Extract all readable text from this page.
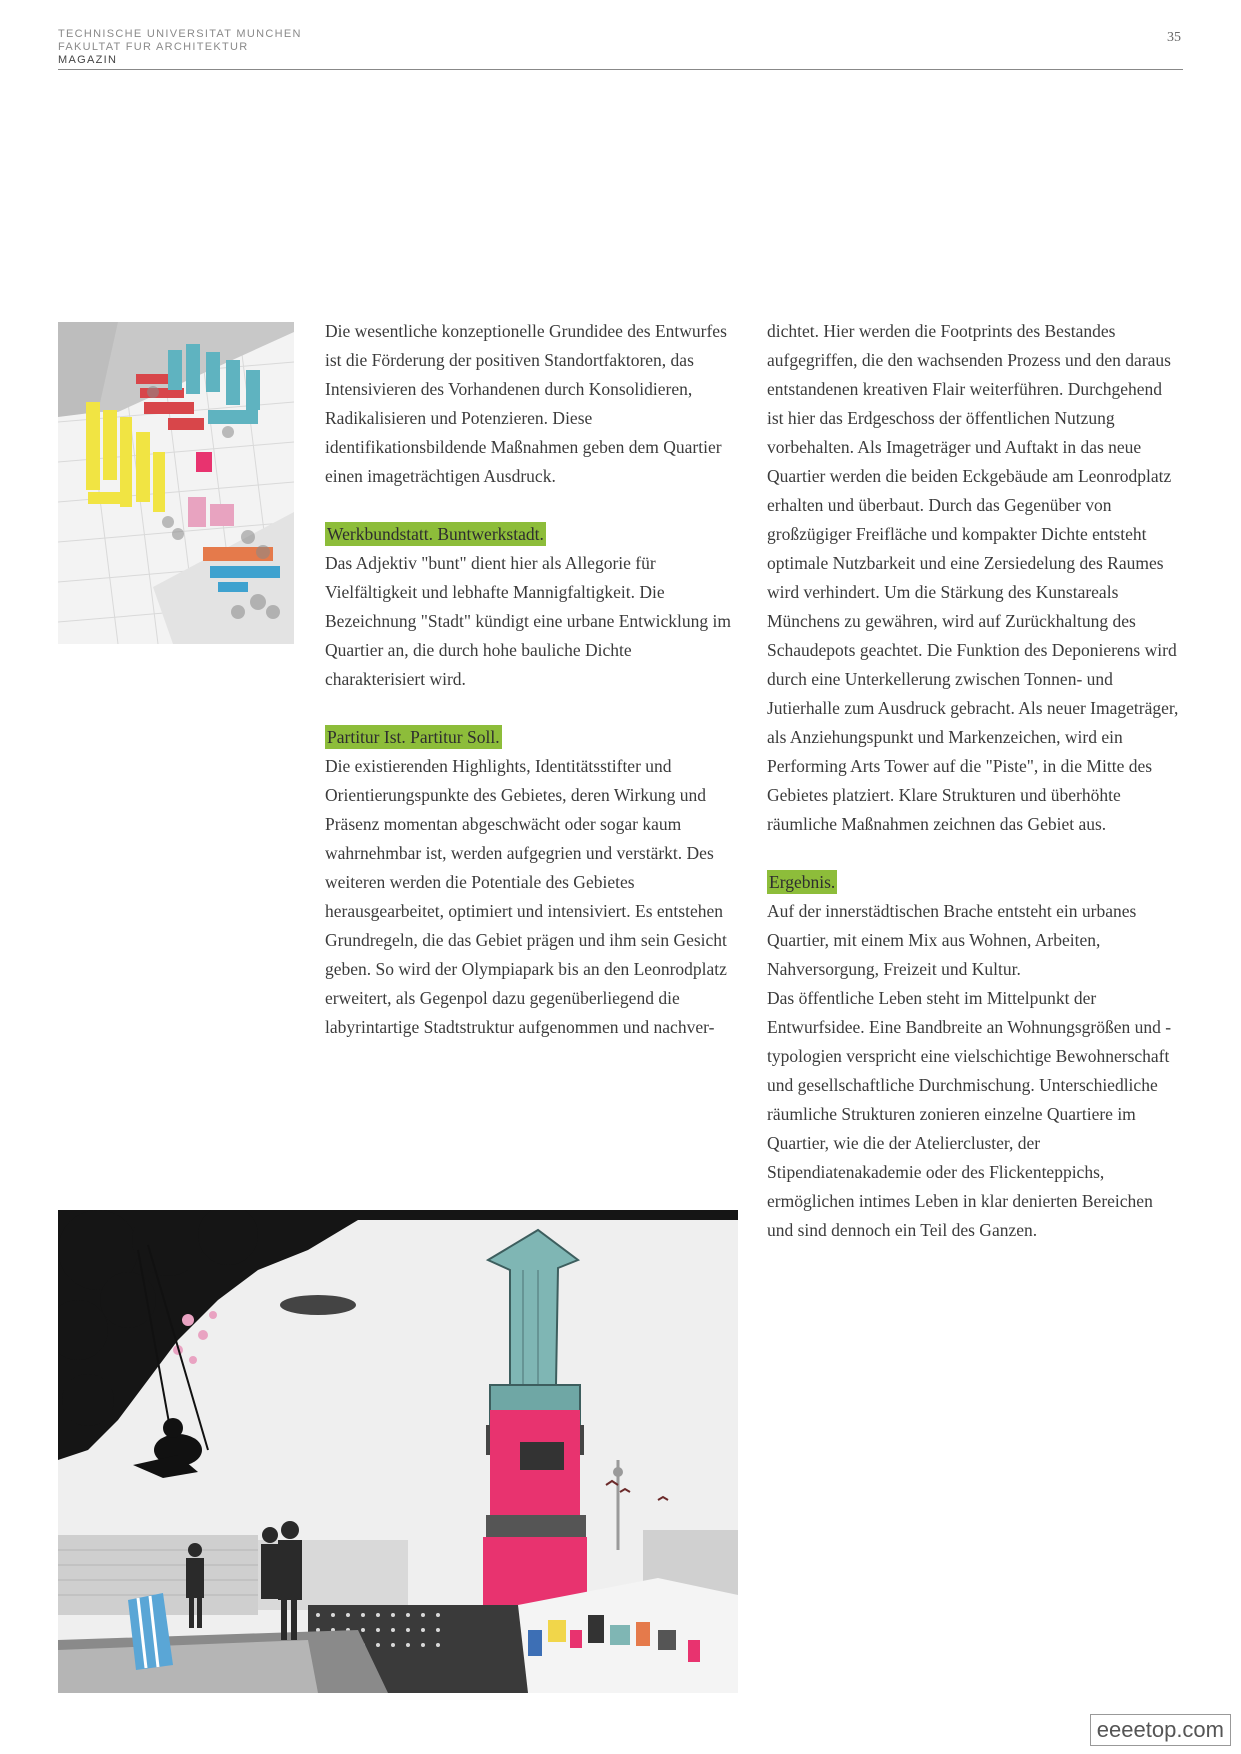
TECHNISCHE UNIVERSITAT MUNCHEN
FAKULTAT FUR ARCHITEKTUR
MAGAZIN
35

Die wesentliche konzeptionelle Grundidee des Entwurfes ist die Förderung der positiven Standortfaktoren, das Intensivieren des Vorhandenen durch Konsolidieren, Radikalisieren und Potenzieren. Diese identifikationsbildende Maßnahmen geben dem Quartier einen imageträchtigen Ausdruck.

Werkbundstatt. Buntwerkstadt.

Das Adjektiv "bunt" dient hier als Allegorie für Vielfältigkeit und lebhafte Mannigfaltigkeit. Die Bezeichnung "Stadt" kündigt eine urbane Entwicklung im Quartier an, die durch hohe bauliche Dichte charakterisiert wird.

Partitur Ist. Partitur Soll.

Die existierenden Highlights, Identitätsstifter und Orientierungspunkte des Gebietes, deren Wirkung und Präsenz momentan abgeschwächt oder sogar kaum wahrnehmbar ist, werden aufgegrien und verstärkt. Des weiteren werden die Potentiale des Gebietes herausgearbeitet, optimiert und intensiviert. Es entstehen Grundregeln, die das Gebiet prägen und ihm sein Gesicht geben. So wird der Olympiapark bis an den Leonrodplatz erweitert, als Gegenpol dazu gegenüberliegend die labyrintartige Stadtstruktur aufgenommen und nachver-

dichtet. Hier werden die Footprints des Bestandes aufgegriffen, die den wachsenden Prozess und den daraus entstandenen kreativen Flair weiterführen. Durchgehend ist hier das Erdgeschoss der öffentlichen Nutzung vorbehalten. Als Imageträger und Auftakt in das neue Quartier werden die beiden Eckgebäude am Leonrodplatz erhalten und überbaut. Durch das Gegenüber von großzügiger Freifläche und kompakter Dichte entsteht optimale Nutzbarkeit und eine Zersiedelung des Raumes wird verhindert. Um die Stärkung des Kunstareals Münchens zu gewähren, wird auf Zurückhaltung des Schaudepots geachtet. Die Funktion des Deponierens wird durch eine Unterkellerung zwischen Tonnen- und Jutierhalle zum Ausdruck gebracht. Als neuer Imageträger, als Anziehungspunkt und Markenzeichen, wird ein Performing Arts Tower auf die "Piste", in die Mitte des Gebietes platziert. Klare Strukturen und überhöhte räumliche Maßnahmen zeichnen das Gebiet aus.

Ergebnis.

Auf der innerstädtischen Brache entsteht ein urbanes Quartier, mit einem Mix aus Wohnen, Arbeiten, Nahversorgung, Freizeit und Kultur.

Das öffentliche Leben steht im Mittelpunkt der Entwurfsidee. Eine Bandbreite an Wohnungsgrößen und -typologien verspricht eine vielschichtige Bewohnerschaft und gesellschaftliche Durchmischung. Unterschiedliche räumliche Strukturen zonieren einzelne Quartiere im Quartier, wie die der Ateliercluster, der Stipendiatenakademie oder des Flickenteppichs, ermöglichen intimes Leben in klar denierten Bereichen und sind dennoch ein Teil des Ganzen.

eeeetop.com
